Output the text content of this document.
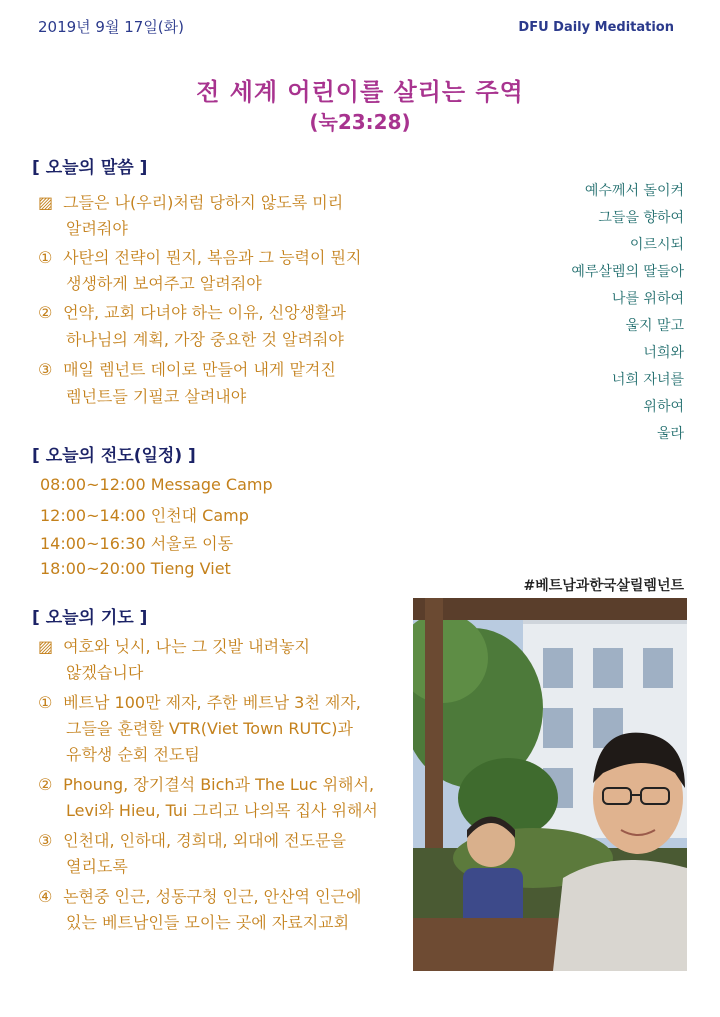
2019년 9월 17일(화)	DFU Daily Meditation
전 세계 어린이를 살리는 주역
(눅23:28)
[ 오늘의 말씀 ]
▨ 그들은 나(우리)처럼 당하지 않도록 미리
알려줘야
① 사탄의 전략이 뭔지, 복음과 그 능력이 뭔지
생생하게 보여주고 알려줘야
② 언약, 교회 다녀야 하는 이유, 신앙생활과
하나님의 계획, 가장 중요한 것 알려줘야
③ 매일 렘넌트 데이로 만들어 내게 맡겨진
렘넌트들 기필코 살려내야
[ 오늘의 전도(일정) ]
08:00~12:00 Message Camp
12:00~14:00 인천대 Camp
14:00~16:30 서울로 이동
18:00~20:00 Tieng Viet
[ 오늘의 기도 ]
▨ 여호와 닛시, 나는 그 깃발 내려놓지
않겠습니다
① 베트남 100만 제자, 주한 베트남 3천 제자,
그들을 훈련할 VTR(Viet Town RUTC)과
유학생 순회 전도팀
② Phoung, 장기결석 Bich과 The Luc 위해서,
Levi와 Hieu, Tui 그리고 나의목 집사 위해서
③ 인천대, 인하대, 경희대, 외대에 전도문을
열리도록
④ 논현중 인근, 성동구청 인근, 안산역 인근에
있는 베트남인들 모이는 곳에 자료지교회
예수께서 돌이켜
그들을 향하여
이르시되
예루살렘의 딸들아
나를 위하여
울지 말고
너희와
너희 자녀를
위하여
울라
#베트남과한국살릴렘넌트
